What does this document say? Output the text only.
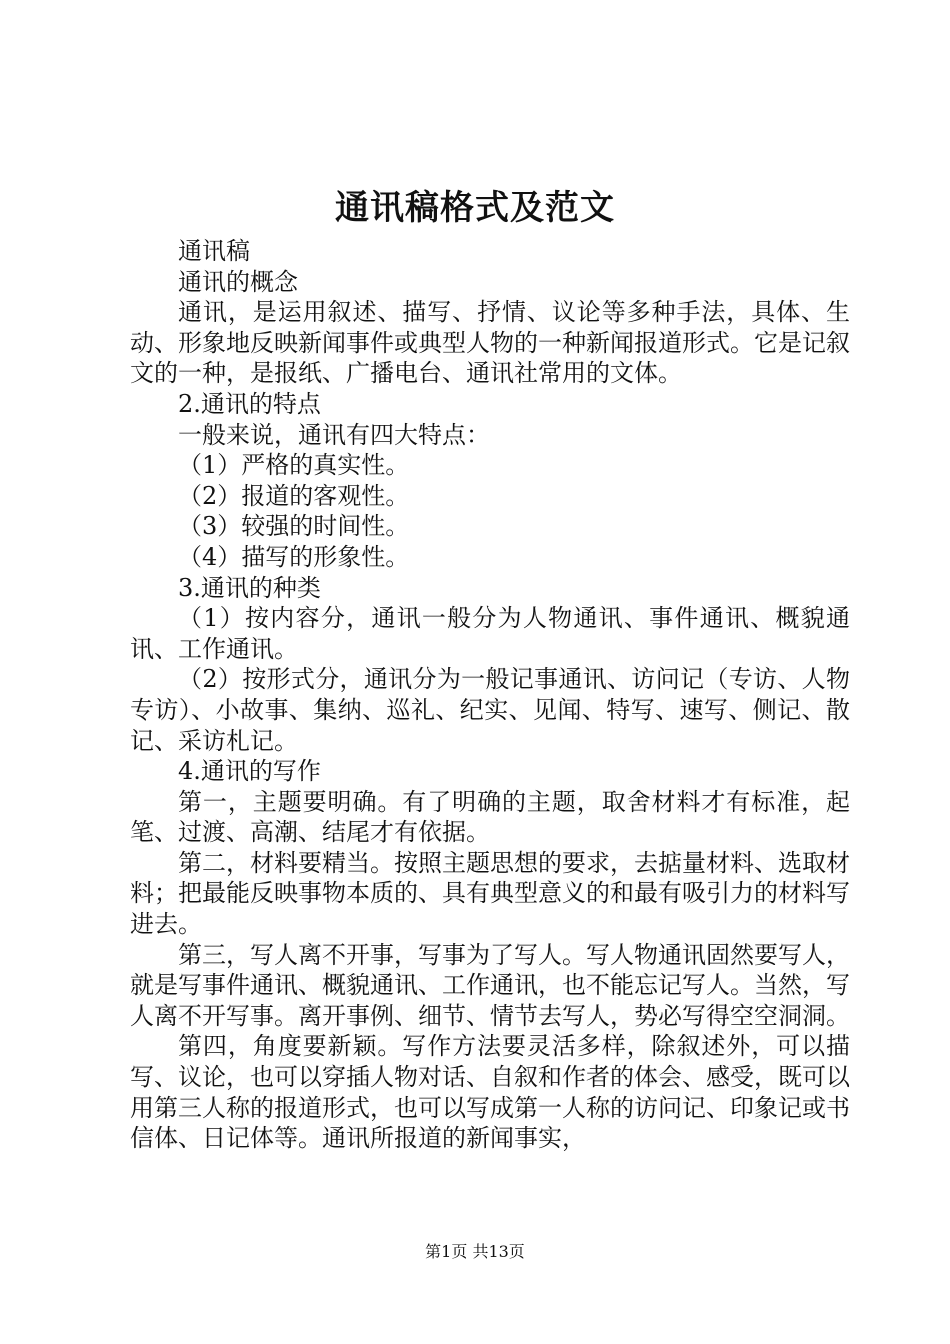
通讯稿格式及范文

通讯稿

通讯的概念

通讯，是运用叙述、描写、抒情、议论等多种手法，具体、生动、形象地反映新闻事件或典型人物的一种新闻报道形式。它是记叙文的一种，是报纸、广播电台、通讯社常用的文体。

2.通讯的特点

一般来说，通讯有四大特点：

（1）严格的真实性。

（2）报道的客观性。

（3）较强的时间性。

（4）描写的形象性。

3.通讯的种类

（1）按内容分，通讯一般分为人物通讯、事件通讯、概貌通讯、工作通讯。

（2）按形式分，通讯分为一般记事通讯、访问记（专访、人物专访）、小故事、集纳、巡礼、纪实、见闻、特写、速写、侧记、散记、采访札记。

4.通讯的写作

第一，主题要明确。有了明确的主题，取舍材料才有标准，起笔、过渡、高潮、结尾才有依据。

第二，材料要精当。按照主题思想的要求，去掂量材料、选取材料；把最能反映事物本质的、具有典型意义的和最有吸引力的材料写进去。

第三，写人离不开事，写事为了写人。写人物通讯固然要写人，就是写事件通讯、概貌通讯、工作通讯，也不能忘记写人。当然，写人离不开写事。离开事例、细节、情节去写人，势必写得空空洞洞。

第四，角度要新颖。写作方法要灵活多样，除叙述外，可以描写、议论，也可以穿插人物对话、自叙和作者的体会、感受，既可以用第三人称的报道形式，也可以写成第一人称的访问记、印象记或书信体、日记体等。通讯所报道的新闻事实，

第1页 共13页
